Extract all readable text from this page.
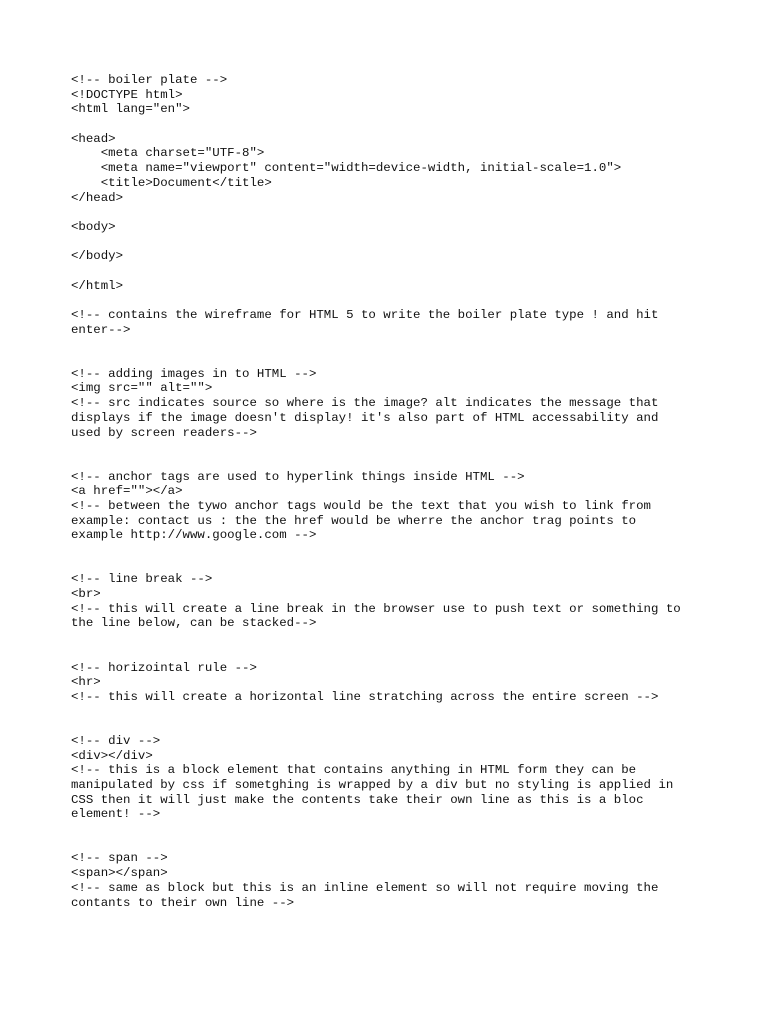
<!-- boiler plate -->
<!DOCTYPE html>
<html lang="en">
<head>
<meta charset="UTF-8">
<meta name="viewport" content="width=device-width, initial-scale=1.0">
<title>Document</title>
</head>
<body>
</body>
</html>
<!-- contains the wireframe for HTML 5 to write the boiler plate type ! and hit
enter-->
<!-- adding images in to HTML -->
<img src="" alt="">
<!-- src indicates source so where is the image? alt indicates the message that
displays if the image doesn't display! it's also part of HTML accessability and
used by screen readers-->
<!-- anchor tags are used to hyperlink things inside HTML -->
<a href=""></a>
<!-- between the tywo anchor tags would be the text that you wish to link from
example: contact us : the the href would be wherre the anchor trag points to
example http://www.google.com -->
<!-- line break -->
<br>
<!-- this will create a line break in the browser use to push text or something to
the line below, can be stacked-->
<!-- horizointal rule -->
<hr>
<!-- this will create a horizontal line stratching across the entire screen -->
<!-- div -->
<div></div>
<!-- this is a block element that contains anything in HTML form they can be
manipulated by css if sometghing is wrapped by a div but no styling is applied in
CSS then it will just make the contents take their own line as this is a bloc
element! -->
<!-- span -->
<span></span>
<!-- same as block but this is an inline element so will not require moving the
contants to their own line -->
